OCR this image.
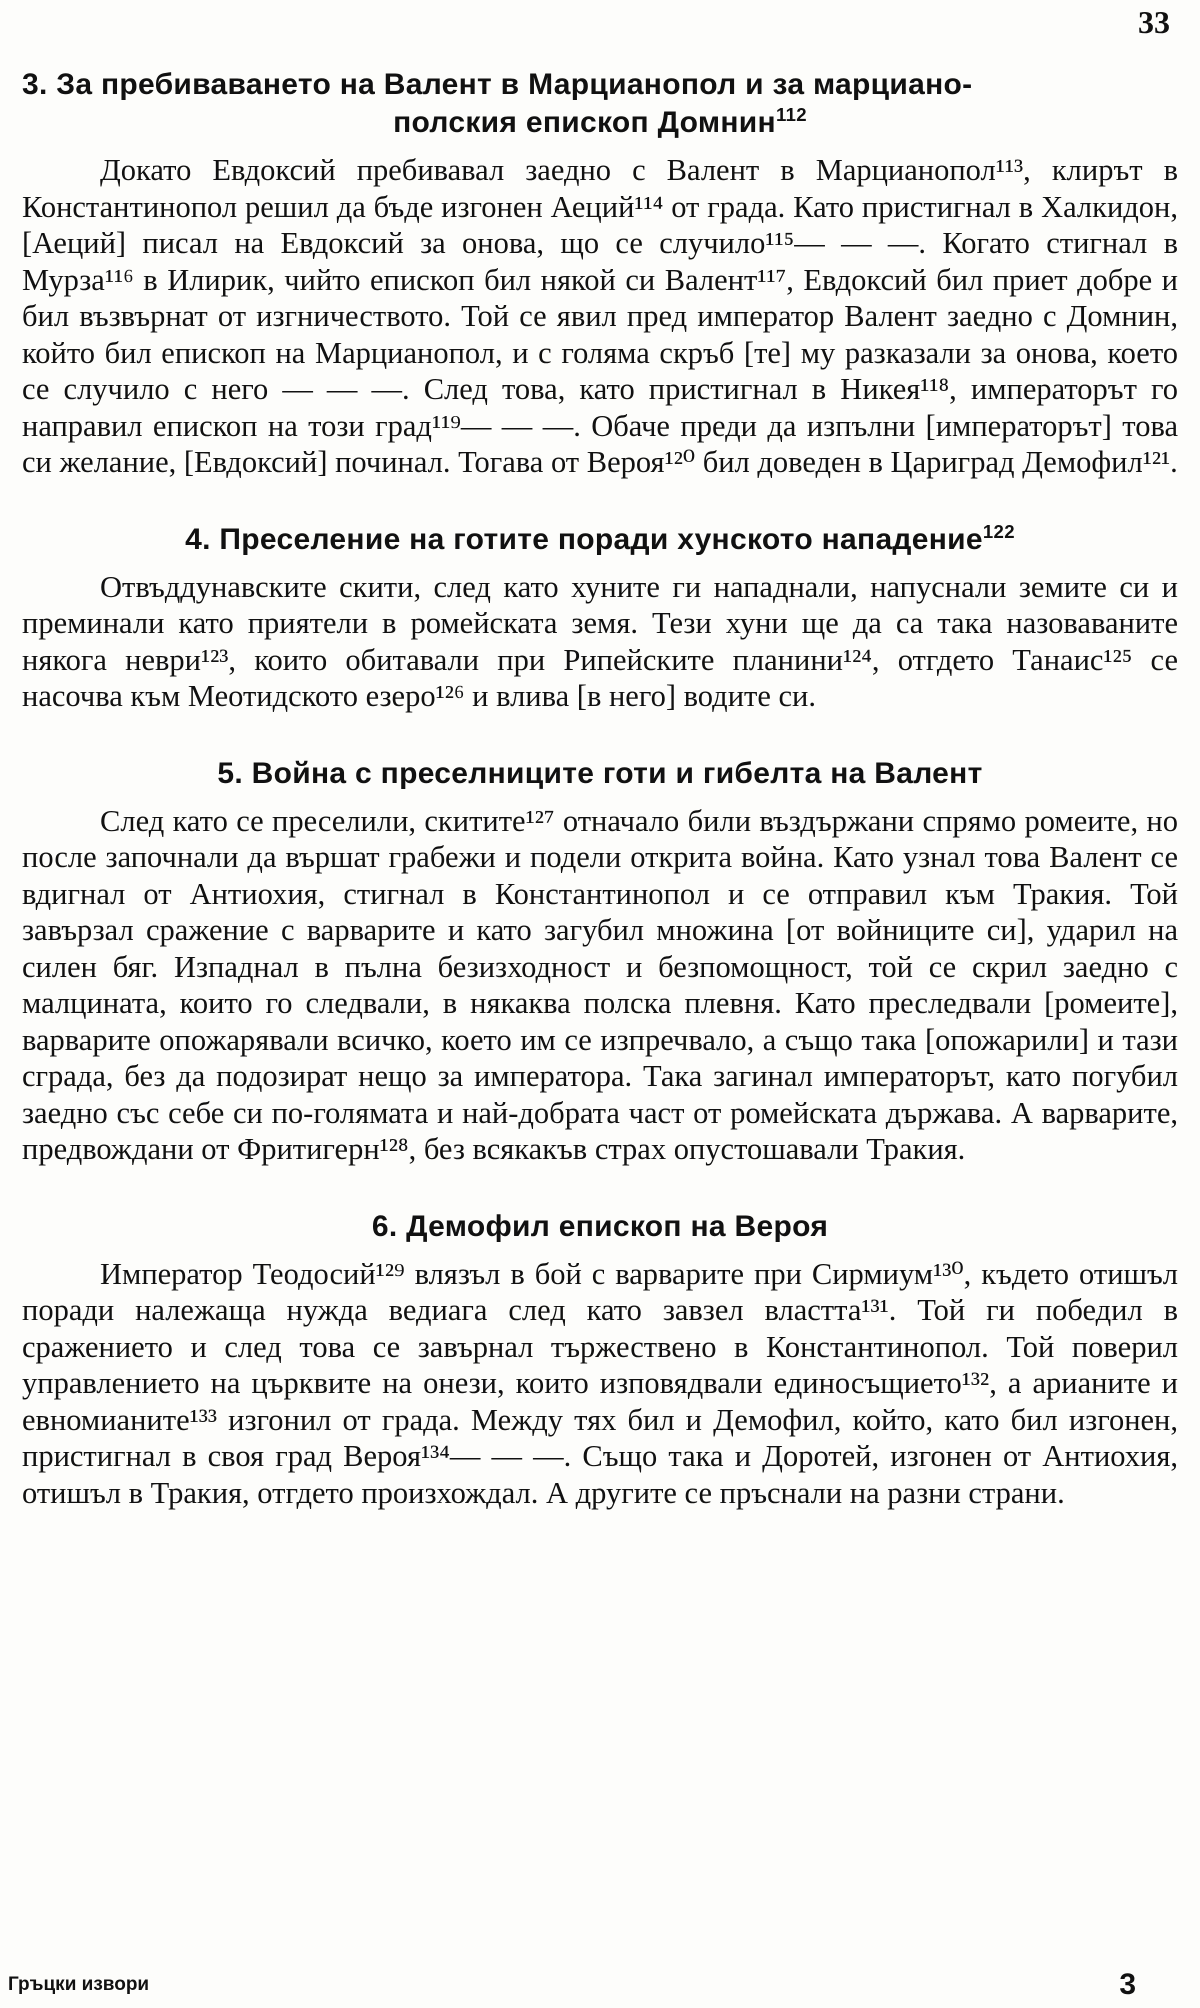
33
3. За пребиваването на Валент в Марцианопол и за марциано-
полския епископ Домнин$^{112}$

Докато Евдоксий пребивавал заедно с Валент в Марцианопол¹¹³, клирът в Константинопол решил да бъде изгонен Аеций¹¹⁴ от града. Като пристигнал в Халкидон, [Аеций] писал на Евдоксий за онова, що се случило¹¹⁵— — —. Когато стигнал в Мурза¹¹⁶ в Илирик, чийто епископ бил някой си Валент¹¹⁷, Евдоксий бил приет добре и бил възвърнат от изгничеството. Той се явил пред император Валент заедно с Домнин, който бил епископ на Марцианопол, и с голяма скръб [те] му разказали за онова, което се случило с него — — —. След това, като пристигнал в Никея¹¹⁸, императорът го направил епископ на този град¹¹⁹— — —. Обаче преди да изпълни [императорът] това си желание, [Евдоксий] починал. Тогава от Вероя¹²⁰ бил доведен в Цариград Демофил¹²¹.

4. Преселение на готите поради хунското нападение$^{122}$

Отвъддунавските скити, след като хуните ги нападнали, напуснали земите си и преминали като приятели в ромейската земя. Тези хуни ще да са така назоваваните някога неври¹²³, които обитавали при Рипейските планини¹²⁴, отгдето Танаис¹²⁵ се насочва към Меотидското езеро¹²⁶ и влива [в него] водите си.

5. Война с преселниците готи и гибелта на Валент

След като се преселили, скитите¹²⁷ отначало били въздържани спрямо ромеите, но после започнали да вършат грабежи и подели открита война. Като узнал това Валент се вдигнал от Антиохия, стигнал в Константинопол и се отправил към Тракия. Той завързал сражение с варварите и като загубил множина [от войниците си], ударил на силен бяг. Изпаднал в пълна безизходност и безпомощност, той се скрил заедно с малцината, които го следвали, в някаква полска плевня. Като преследвали [ромеите], варварите опожарявали всичко, което им се изпречвало, а също така [опожарили] и тази сграда, без да подозират нещо за императора. Така загинал императорът, като погубил заедно със себе си по-голямата и най-добрата част от ромейската държава. А варварите, предвождани от Фритигерн¹²⁸, без всякакъв страх опустошавали Тракия.

6. Демофил епископ на Вероя

Император Теодосий¹²⁹ влязъл в бой с варварите при Сирмиум¹³⁰, където отишъл поради належаща нужда ведиага след като завзел властта¹³¹. Той ги победил в сражението и след това се завърнал тържествено в Константинопол. Той поверил управлението на църквите на онези, които изповядвали единосъщието¹³², а арианите и евномианите¹³³ изгонил от града. Между тях бил и Демофил, който, като бил изгонен, пристигнал в своя град Вероя¹³⁴— — —. Също така и Доротей, изгонен от Антиохия, отишъл в Тракия, отгдето произхождал. А другите се пръснали на разни страни.

Гръцки извори	3
